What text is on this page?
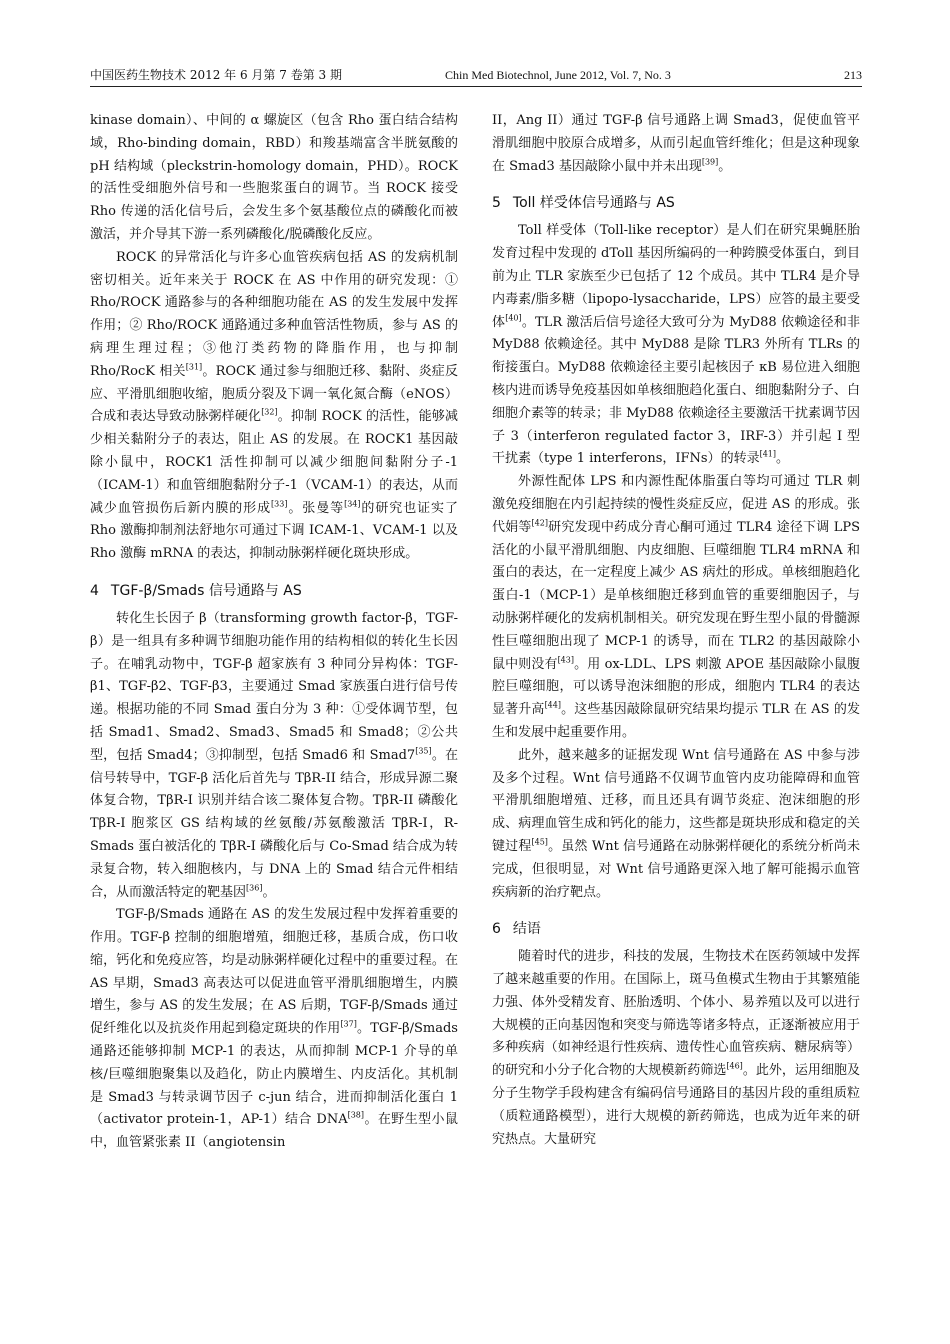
中国医药生物技术 2012 年 6 月第 7 卷第 3 期	Chin Med Biotechnol, June 2012, Vol. 7, No. 3	213

kinase domain）、中间的 α 螺旋区（包含 Rho 蛋白结合结构域，Rho-binding domain，RBD）和羧基端富含半胱氨酸的 pH 结构域（pleckstrin-homology domain，PHD）。ROCK 的活性受细胞外信号和一些胞浆蛋白的调节。当 ROCK 接受 Rho 传递的活化信号后，会发生多个氨基酸位点的磷酸化而被激活，并介导其下游一系列磷酸化/脱磷酸化反应。

ROCK 的异常活化与许多心血管疾病包括 AS 的发病机制密切相关。近年来关于 ROCK 在 AS 中作用的研究发现：① Rho/ROCK 通路参与的各种细胞功能在 AS 的发生发展中发挥作用；② Rho/ROCK 通路通过多种血管活性物质，参与 AS 的病理生理过程；③他汀类药物的降脂作用，也与抑制 Rho/RocK 相关[31]。ROCK 通过参与细胞迁移、黏附、炎症反应、平滑肌细胞收缩，胞质分裂及下调一氧化氮合酶（eNOS）合成和表达导致动脉粥样硬化[32]。抑制 ROCK 的活性，能够减少相关黏附分子的表达，阻止 AS 的发展。在 ROCK1 基因敲除小鼠中，ROCK1 活性抑制可以减少细胞间黏附分子-1（ICAM-1）和血管细胞黏附分子-1（VCAM-1）的表达，从而减少血管损伤后新内膜的形成[33]。张曼等[34]的研究也证实了 Rho 激酶抑制剂法舒地尔可通过下调 ICAM-1、VCAM-1 以及 Rho 激酶 mRNA 的表达，抑制动脉粥样硬化斑块形成。

4 TGF-β/Smads 信号通路与 AS

转化生长因子 β（transforming growth factor-β，TGF-β）是一组具有多种调节细胞功能作用的结构相似的转化生长因子。在哺乳动物中，TGF-β 超家族有 3 种同分异构体：TGF-β1、TGF-β2、TGF-β3，主要通过 Smad 家族蛋白进行信号传递。根据功能的不同 Smad 蛋白分为 3 种：①受体调节型，包括 Smad1、Smad2、Smad3、Smad5 和 Smad8；②公共型，包括 Smad4；③抑制型，包括 Smad6 和 Smad7[35]。在信号转导中，TGF-β 活化后首先与 TβR-II 结合，形成异源二聚体复合物，TβR-I 识别并结合该二聚体复合物。TβR-II 磷酸化 TβR-I 胞浆区 GS 结构域的丝氨酸/苏氨酸激活 TβR-I，R-Smads 蛋白被活化的 TβR-I 磷酸化后与 Co-Smad 结合成为转录复合物，转入细胞核内，与 DNA 上的 Smad 结合元件相结合，从而激活特定的靶基因[36]。

TGF-β/Smads 通路在 AS 的发生发展过程中发挥着重要的作用。TGF-β 控制的细胞增殖，细胞迁移，基质合成，伤口收缩，钙化和免疫应答，均是动脉粥样硬化过程中的重要过程。在 AS 早期，Smad3 高表达可以促进血管平滑肌细胞增生，内膜增生，参与 AS 的发生发展；在 AS 后期，TGF-β/Smads 通过促纤维化以及抗炎作用起到稳定斑块的作用[37]。TGF-β/Smads 通路还能够抑制 MCP-1 的表达，从而抑制 MCP-1 介导的单核/巨噬细胞聚集以及趋化，防止内膜增生、内皮活化。其机制是 Smad3 与转录调节因子 c-jun 结合，进而抑制活化蛋白 1（activator protein-1，AP-1）结合 DNA[38]。在野生型小鼠中，血管紧张素 II（angiotensin

II，Ang II）通过 TGF-β 信号通路上调 Smad3，促使血管平滑肌细胞中胶原合成增多，从而引起血管纤维化；但是这种现象在 Smad3 基因敲除小鼠中并未出现[39]。

5 Toll 样受体信号通路与 AS

Toll 样受体（Toll-like receptor）是人们在研究果蝇胚胎发育过程中发现的 dToll 基因所编码的一种跨膜受体蛋白，到目前为止 TLR 家族至少已包括了 12 个成员。其中 TLR4 是介导内毒素/脂多糖（lipopo-lysaccharide，LPS）应答的最主要受体[40]。TLR 激活后信号途径大致可分为 MyD88 依赖途径和非 MyD88 依赖途径。其中 MyD88 是除 TLR3 外所有 TLRs 的衔接蛋白。MyD88 依赖途径主要引起核因子 κB 易位进入细胞核内进而诱导免疫基因如单核细胞趋化蛋白、细胞黏附分子、白细胞介素等的转录；非 MyD88 依赖途径主要激活干扰素调节因子 3（interferon regulated factor 3，IRF-3）并引起 I 型干扰素（type 1 interferons，IFNs）的转录[41]。

外源性配体 LPS 和内源性配体脂蛋白等均可通过 TLR 刺激免疫细胞在内引起持续的慢性炎症反应，促进 AS 的形成。张代娟等[42]研究发现中药成分青心酮可通过 TLR4 途径下调 LPS 活化的小鼠平滑肌细胞、内皮细胞、巨噬细胞 TLR4 mRNA 和蛋白的表达，在一定程度上减少 AS 病灶的形成。单核细胞趋化蛋白-1（MCP-1）是单核细胞迁移到血管的重要细胞因子，与动脉粥样硬化的发病机制相关。研究发现在野生型小鼠的骨髓源性巨噬细胞出现了 MCP-1 的诱导，而在 TLR2 的基因敲除小鼠中则没有[43]。用 ox-LDL、LPS 刺激 APOE 基因敲除小鼠腹腔巨噬细胞，可以诱导泡沫细胞的形成，细胞内 TLR4 的表达显著升高[44]。这些基因敲除鼠研究结果均提示 TLR 在 AS 的发生和发展中起重要作用。

此外，越来越多的证据发现 Wnt 信号通路在 AS 中参与涉及多个过程。Wnt 信号通路不仅调节血管内皮功能障碍和血管平滑肌细胞增殖、迁移，而且还具有调节炎症、泡沫细胞的形成、病理血管生成和钙化的能力，这些都是斑块形成和稳定的关键过程[45]。虽然 Wnt 信号通路在动脉粥样硬化的系统分析尚未完成，但很明显，对 Wnt 信号通路更深入地了解可能揭示血管疾病新的治疗靶点。

6 结语

随着时代的进步，科技的发展，生物技术在医药领域中发挥了越来越重要的作用。在国际上，斑马鱼模式生物由于其繁殖能力强、体外受精发育、胚胎透明、个体小、易养殖以及可以进行大规模的正向基因饱和突变与筛选等诸多特点，正逐渐被应用于多种疾病（如神经退行性疾病、遗传性心血管疾病、糖尿病等）的研究和小分子化合物的大规模新药筛选[46]。此外，运用细胞及分子生物学手段构建含有编码信号通路目的基因片段的重组质粒（质粒通路模型），进行大规模的新药筛选，也成为近年来的研究热点。大量研究
